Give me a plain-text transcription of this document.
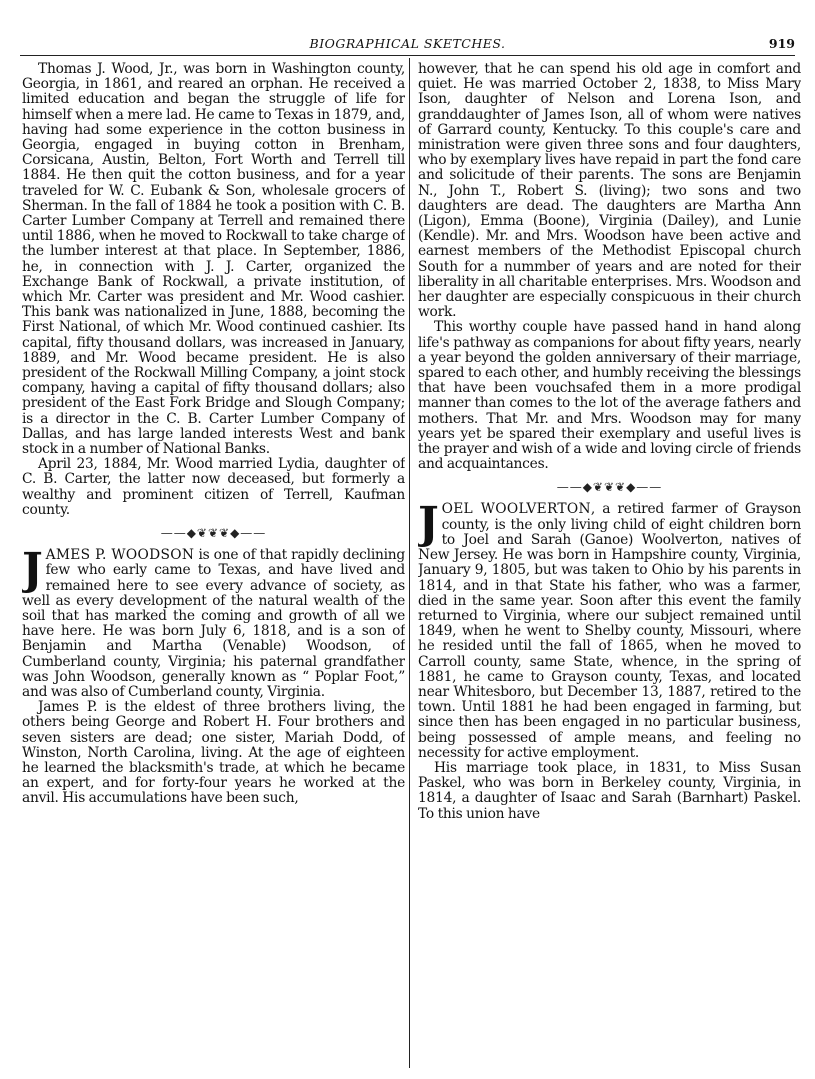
BIOGRAPHICAL SKETCHES.	919

Thomas J. Wood, Jr., was born in Washington county, Georgia, in 1861, and reared an orphan. He received a limited education and began the struggle of life for himself when a mere lad. He came to Texas in 1879, and, having had some experience in the cotton business in Georgia, engaged in buying cotton in Brenham, Corsicana, Austin, Belton, Fort Worth and Terrell till 1884. He then quit the cotton business, and for a year traveled for W. C. Eubank & Son, wholesale grocers of Sherman. In the fall of 1884 he took a position with C. B. Carter Lumber Company at Terrell and remained there until 1886, when he moved to Rockwall to take charge of the lumber interest at that place. In September, 1886, he, in connection with J. J. Carter, organized the Exchange Bank of Rockwall, a private institution, of which Mr. Carter was president and Mr. Wood cashier. This bank was nationalized in June, 1888, becoming the First National, of which Mr. Wood continued cashier. Its capital, fifty thousand dollars, was increased in January, 1889, and Mr. Wood became president. He is also president of the Rockwall Milling Company, a joint stock company, having a capital of fifty thousand dollars; also president of the East Fork Bridge and Slough Company; is a director in the C. B. Carter Lumber Company of Dallas, and has large landed interests West and bank stock in a number of National Banks.

April 23, 1884, Mr. Wood married Lydia, daughter of C. B. Carter, the latter now deceased, but formerly a wealthy and prominent citizen of Terrell, Kaufman county.

——◆❦❦❦◆——

JAMES P. WOODSON is one of that rapidly declining few who early came to Texas, and have lived and remained here to see every advance of society, as well as every development of the natural wealth of the soil that has marked the coming and growth of all we have here. He was born July 6, 1818, and is a son of Benjamin and Martha (Venable) Woodson, of Cumberland county, Virginia; his paternal grandfather was John Woodson, generally known as “ Poplar Foot,” and was also of Cumberland county, Virginia.

James P. is the eldest of three brothers living, the others being George and Robert H. Four brothers and seven sisters are dead; one sister, Mariah Dodd, of Winston, North Carolina, living. At the age of eighteen he learned the blacksmith's trade, at which he became an expert, and for forty-four years he worked at the anvil. His accumulations have been such,

however, that he can spend his old age in comfort and quiet. He was married October 2, 1838, to Miss Mary Ison, daughter of Nelson and Lorena Ison, and granddaughter of James Ison, all of whom were natives of Garrard county, Kentucky. To this couple's care and ministration were given three sons and four daughters, who by exemplary lives have repaid in part the fond care and solicitude of their parents. The sons are Benjamin N., John T., Robert S. (living); two sons and two daughters are dead. The daughters are Martha Ann (Ligon), Emma (Boone), Virginia (Dailey), and Lunie (Kendle). Mr. and Mrs. Woodson have been active and earnest members of the Methodist Episcopal church South for a nummber of years and are noted for their liberality in all charitable enterprises. Mrs. Woodson and her daughter are especially conspicuous in their church work.

This worthy couple have passed hand in hand along life's pathway as companions for about fifty years, nearly a year beyond the golden anniversary of their marriage, spared to each other, and humbly receiving the blessings that have been vouchsafed them in a more prodigal manner than comes to the lot of the average fathers and mothers. That Mr. and Mrs. Woodson may for many years yet be spared their exemplary and useful lives is the prayer and wish of a wide and loving circle of friends and acquaintances.

——◆❦❦❦◆——

JOEL WOOLVERTON, a retired farmer of Grayson county, is the only living child of eight children born to Joel and Sarah (Ganoe) Woolverton, natives of New Jersey. He was born in Hampshire county, Virginia, January 9, 1805, but was taken to Ohio by his parents in 1814, and in that State his father, who was a farmer, died in the same year. Soon after this event the family returned to Virginia, where our subject remained until 1849, when he went to Shelby county, Missouri, where he resided until the fall of 1865, when he moved to Carroll county, same State, whence, in the spring of 1881, he came to Grayson county, Texas, and located near Whitesboro, but December 13, 1887, retired to the town. Until 1881 he had been engaged in farming, but since then has been engaged in no particular business, being possessed of ample means, and feeling no necessity for active employment.

His marriage took place, in 1831, to Miss Susan Paskel, who was born in Berkeley county, Virginia, in 1814, a daughter of Isaac and Sarah (Barnhart) Paskel. To this union have
